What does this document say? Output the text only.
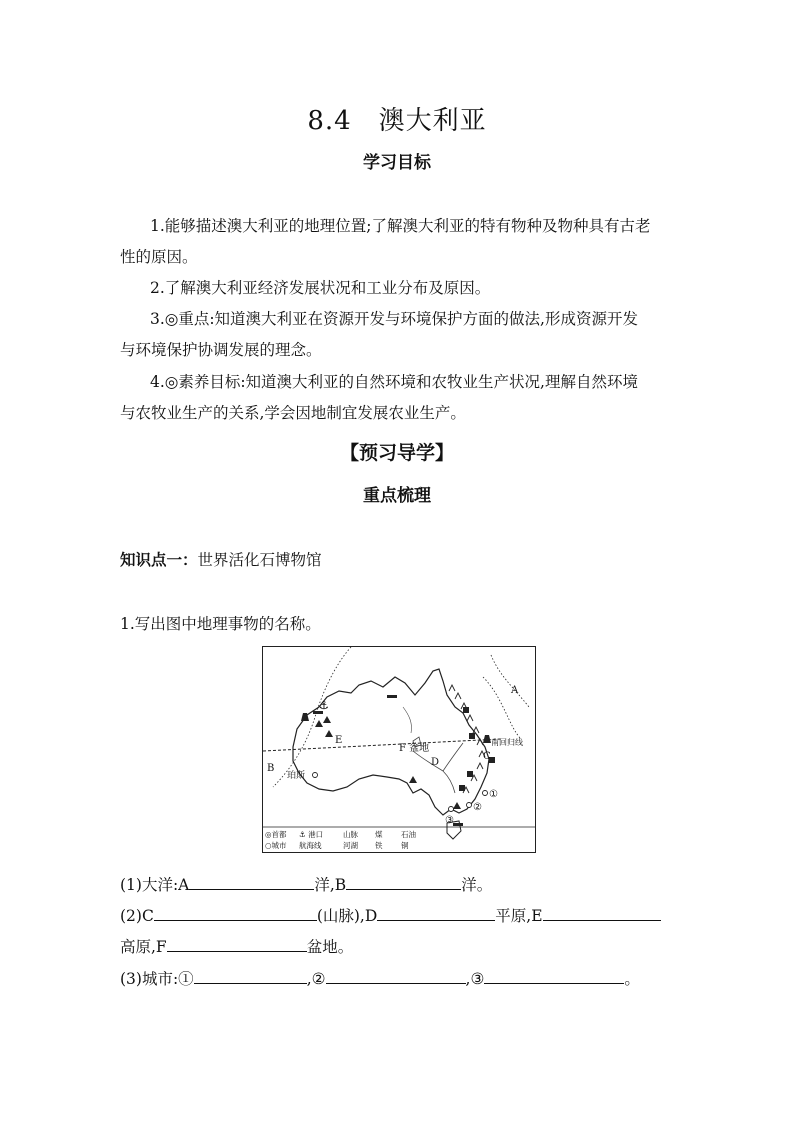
8.4　澳大利亚
学习目标
1.能够描述澳大利亚的地理位置;了解澳大利亚的特有物种及物种具有古老
性的原因。
2.了解澳大利亚经济发展状况和工业分布及原因。
3.◎重点:知道澳大利亚在资源开发与环境保护方面的做法,形成资源开发
与环境保护协调发展的理念。
4.◎素养目标:知道澳大利亚的自然环境和农牧业生产状况,理解自然环境
与农牧业生产的关系,学会因地制宜发展农业生产。
【预习导学】
重点梳理
知识点一：世界活化石博物馆
1.写出图中地理事物的名称。
⚓
A
B
C
D
E
F 盆地
珀斯
南回归线
①
②
③
◎首都 ⚓ 港口	山脉 煤 石油
○城市 航海线	河湖 铁 铜
(1)大洋:A	洋,B	洋。
(2)C	(山脉),D	平原,E
高原,F	盆地。
(3)城市:①	,②	,③	。
